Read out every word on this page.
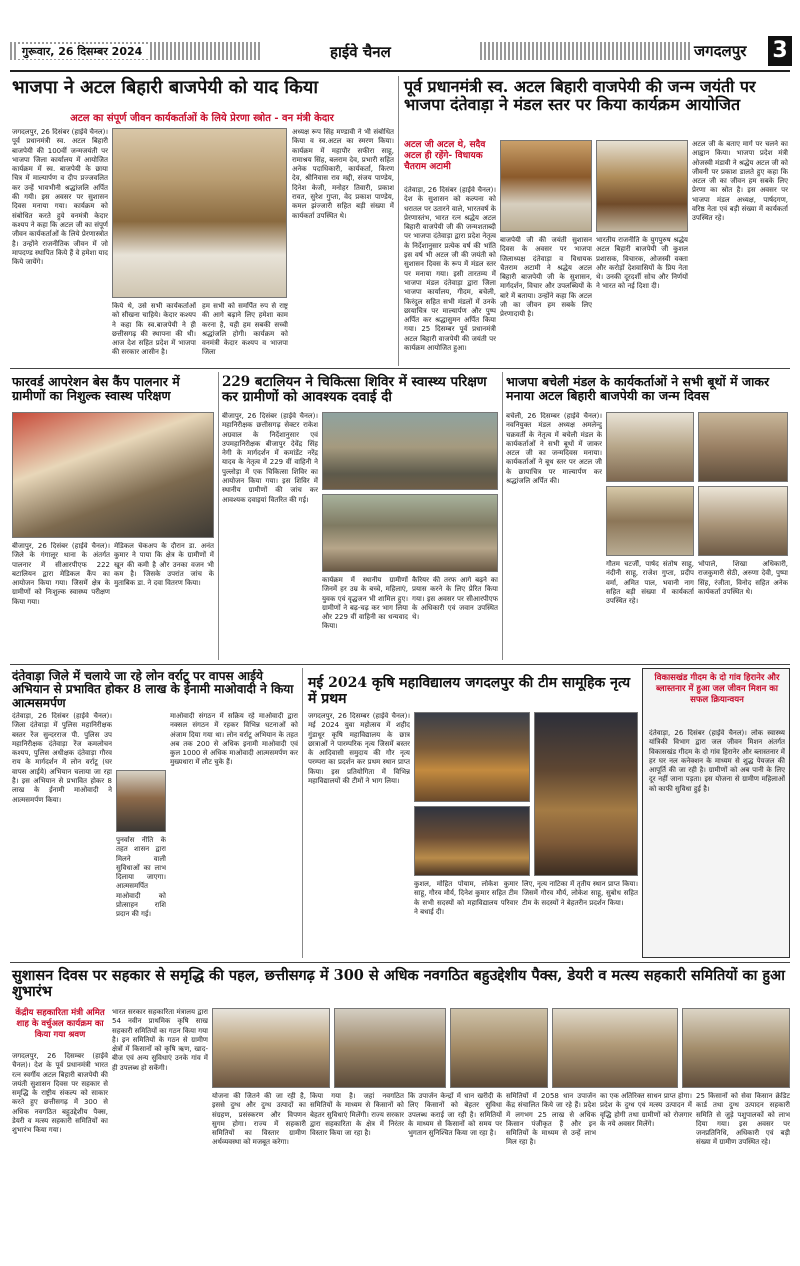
गुरूवार, 26 दिसम्बर 2024	हाईवे चैनल	जगदलपुर 3
भाजपा ने अटल बिहारी बाजपेयी को याद किया
अटल का संपूर्ण जीवन कार्यकर्ताओं के लिये प्रेरणा स्त्रोत - वन मंत्री केदार
जगदलपुर, 26 दिसंबर (हाईवे चैनल)। पूर्व प्रधानमंत्री स्व. अटल बिहारी बाजपेयी की 100वीं जन्मजयंती पर भाजपा जिला कार्यालय में आयोजित कार्यक्रम में स्व. बाजपेयी के छाया चित्र में माल्यार्पण व दीप प्रज्जवलित कर उन्हें भावभीनी श्रद्धांजलि अर्पित की गयी। इस अवसर पर सुशासन दिवस मनाया गया। कार्यक्रम को संबोधित करते हुये वनमंत्री केदार कश्यप ने कहा कि अटल जी का संपूर्ण जीवन कार्यकर्ताओं के लिये प्रेरणास्त्रोत है। उन्होंने राजनीतिक जीवन में जो मापदण्ड स्थापित किये हैं वे हमेशा याद किये जायेंगे।
किये थे, उसे सभी कार्यकर्ताओं को सीखना चाहिये। केदार कश्यप ने कहा कि स्व.बाजपेयी ने ही छत्तीसगढ़ की स्थापना की थी। आज देश सहित प्रदेश में भाजपा की सरकार आसीन है।
हम सभी को समर्पित रुप से राष्ट्र की आगे बढ़ाने लिए हमेशा काम करना है, यही हम सबकी सच्ची श्रद्धांजलि होगी। कार्यक्रम को वनमंत्री केदार कश्यप व भाजपा जिला
अध्यक्ष रूप सिंह मण्डावी ने भी संबोधित किया व स्व.अटल का स्मरण किया। कार्यक्रम में महापौर सफीरा साहू, रामाश्रय सिंह, बलराम देव, प्रभारी सहित अनेक पदाधिकारी, कार्यकर्ता, किरण देव, श्रीनिवास राव मद्दी, संजय पाण्डेय, दिनेश केजी, मनोहर तिवारी, प्रकाश रावत, सुरेश गुप्ता, वेद प्रकाश पाण्डेय, कमल झंज्जारी सहित बड़ी संख्या में कार्यकर्ता उपस्थित थे।
पूर्व प्रधानमंत्री स्व. अटल बिहारी वाजपेयी की जन्म जयंती पर भाजपा दंतेवाड़ा ने मंडल स्तर पर किया कार्यक्रम आयोजित
अटल जी अटल थे, सदैव अटल ही रहेंगे- विधायक चैतराम अटामी
दंतेवाड़ा, 26 दिसंबर (हाईवे चैनल)। देश के सुशासन को कल्पना को धरातल पर उतारने वाले, भारतवर्ष के प्रेरणास्तंभ, भारत रत्न श्रद्धेय अटल बिहारी वाजपेयी जी की जन्मशताब्दी पर भाजपा दंतेवाड़ा द्वारा प्रदेश नेतृत्व के निर्देशानुसार प्रत्येक वर्ष की भांति इस वर्ष भी अटल जी की जयंती को सुशासन दिवस के रूप में मंडल स्तर पर मनाया गया। इसी तारतम्य में भाजपा मंडल दंतेवाड़ा द्वारा जिला भाजपा कार्यालय, गीदम, बचेली, किरंदुल सहित सभी मंडलों में उनके छायाचित्र पर माल्यार्पण और पुष्प अर्पित कर श्रद्धासुमन अर्पित किया गया। 25 दिसम्बर पूर्व प्रधानमंत्री अटल बिहारी वाजपेयी की जयंती पर कार्यक्रम आयोजित हुआ।
बाजपेयी जी की जयंती सुशासन दिवस के अवसर पर भाजपा जिलाध्यक्ष दंतेवाड़ा व विधायक चैतराम अटामी ने श्रद्धेय अटल बिहारी बाजपेयी जी के सुशासन, मार्गदर्शन, विचार और उपलब्धियों के बारे में बताया। उन्होंने कहा कि अटल जी का जीवन हम सबके लिए प्रेरणादायी है।
भारतीय राजनीति के युगपुरुष श्रद्धेय अटल बिहारी बाजपेयी जी कुशल प्रशासक, विचारक, ओजस्वी वक्ता और करोड़ों देशवासियों के प्रिय नेता थे। उनकी दूरदर्शी सोच और निर्णयों ने भारत को नई दिशा दी।
अटल जी के बताए मार्ग पर चलने का आह्वान किया। भाजपा प्रदेश मंत्री ओजस्वी मंडावी ने श्रद्धेय अटल जी को जीवनी पर प्रकाश डालते हुए कहा कि अटल जी का जीवन हम सबके लिए प्रेरणा का स्रोत है। इस अवसर पर भाजपा मंडल अध्यक्ष, पार्षदगण, वरिष्ठ नेता एवं बड़ी संख्या में कार्यकर्ता उपस्थित रहे।
फारवर्ड आपरेशन बेस कैंप पालनार में ग्रामीणों का निशुल्क स्वास्थ परिक्षण
बीजापुर, 26 दिसंबर (हाईवे चैनल)। जिले के गंगालूर थाना के अंतर्गत पालनार में सीआरपीएफ 222 बटालियन द्वारा मेडिकल कैंप का आयोजन किया गया। जिसमें क्षेत्र के ग्रामीणों को निःशुल्क स्वास्थ्य परीक्षण किया गया।
मेडिकल चेकअप के दौरान डा. अनंत कुमार ने पाया कि क्षेत्र के ग्रामीणों में खून की कमी है और उनका वजन भी कम है। जिसके उपरांत जांच के मुताबिक डा. ने दवा वितरण किया।
229 बटालियन ने चिकित्सा शिविर में स्वास्थ्य परिक्षण कर ग्रामीणों को आवश्यक दवाई दी
बीजापुर, 26 दिसंबर (हाईवे चैनल)। महानिरीक्षक छत्तीसगढ़ सेक्टर राकेश अग्रवाल के निर्देशानुसार एवं उपमहानिरीक्षक बीजापुर देवेंद्र सिंह नेगी के मार्गदर्शन में कमांडेंट नरेंद्र यादव के नेतृत्व में 229 वीं वाहिनी ने पुल्लोड़ा में एक चिकित्सा शिविर का आयोजन किया गया। इस शिविर में स्थानीय ग्रामीणों की जांच कर आवश्यक दवाइयां वितरित की गई।
कार्यक्रम में स्थानीय ग्रामीणों जिनमें हर उम्र के बच्चे, महिलाएं, युवक एवं वृद्धजन भी शामिल हुए। ग्रामीणों ने बढ़-चढ़ कर भाग लिया और 229 वीं वाहिनी का धन्यवाद किया।
कैरियर की तरफ आगे बढ़ने का प्रयास करने के लिए प्रेरित किया गया। इस अवसर पर सीआरपीएफ के अधिकारी एवं जवान उपस्थित थे।
भाजपा बचेली मंडल के कार्यकर्ताओं ने सभी बूथों में जाकर मनाया अटल बिहारी बाजपेयी का जन्म दिवस
बचेली, 26 दिसम्बर (हाईवे चैनल)। नवनियुक्त मंडल अध्यक्ष अमलेन्दु चक्रवर्ती के नेतृत्व में बचेली मंडल के कार्यकर्ताओं ने सभी बूथों में जाकर अटल जी का जन्मदिवस मनाया। कार्यकर्ताओं ने बूथ स्तर पर अटल जी के छायाचित्र पर माल्यार्पण कर श्रद्धांजलि अर्पित की।
गौतम चटर्जी, पार्षद संतोष साहू, नंदीनी साहू, राजेश गुप्ता, प्रदीप वर्मा, अमित पाल, भवानी नाग सहित बड़ी संख्या में कार्यकर्ता उपस्थित रहे।
भोपाले, शिखा अधिकारी, राजकुमारी सेठी, अरुणा देवी, पुष्पा सिंह, रंजीता, विनोद सहित अनेक कार्यकर्ता उपस्थित थे।
दंतेवाड़ा जिले में चलाये जा रहे लोन वर्राटू पर वापस आईये अभियान से प्रभावित होकर 8 लाख के ईनामी माओवादी ने किया आत्मसमर्पण
दंतेवाड़ा, 26 दिसंबर (हाईवे चैनल)। जिला दंतेवाड़ा में पुलिस महानिरीक्षक बस्तर रेंज सुन्दरराज पी. पुलिस उप महानिरीक्षक दंतेवाड़ा रेंज कमलोचन कश्यप, पुलिस अधीक्षक दंतेवाड़ा गौरव राय के मार्गदर्शन में लोन वर्राटू (घर वापस आईये) अभियान चलाया जा रहा है। इस अभियान से प्रभावित होकर 8 लाख के ईनामी माओवादी ने आत्मसमर्पण किया।
माओवादी संगठन में सक्रिय रहे माओवादी द्वारा नक्सल संगठन में रहकर विभिन्न घटनाओं को अंजाम दिया गया था। लोन वर्राटू अभियान के तहत अब तक 200 से अधिक इनामी माओवादी एवं कुल 1000 से अधिक माओवादी आत्मसमर्पण कर मुख्यधारा में लौट चुके हैं।
पुनर्वास नीति के तहत शासन द्वारा मिलने वाली सुविधाओं का लाभ दिलाया जाएगा। आत्मसमर्पित माओवादी को प्रोत्साहन राशि प्रदान की गई।
मई 2024 कृषि महाविद्यालय जगदलपुर की टीम सामूहिक नृत्य में प्रथम
जगदलपुर, 26 दिसम्बर (हाईवे चैनल)। मई 2024 युवा महोत्सव में शहीद गुंडाधूर कृषि महाविद्यालय के छात्र छात्राओं ने पारम्परिक नृत्य जिसमें बस्तर के आदिवासी समुदाय की गौर नृत्य परम्परा का प्रदर्शन कर प्रथम स्थान प्राप्त किया। इस प्रतियोगिता में विभिन्न महाविद्यालयों की टीमों ने भाग लिया।
कुशल, मोहित पोयाम, लोकेश कुमार साहू, गौरव मौर्य, दिनेश कुमार सहित टीम के सभी सदस्यों को महाविद्यालय परिवार ने बधाई दी।
लिए, नृत्य नाटिका में तृतीय स्थान प्राप्त किया। जिसमें गौरव मौर्य, लोकेश साहू, सुबोध सहित टीम के सदस्यों ने बेहतरीन प्रदर्शन किया।
विकासखंड गीदम के दो गांव हिरानेर और ब्लास्तनार में हुआ जल जीवन मिशन का सफल क्रियान्वयन
दंतेवाड़ा, 26 दिसंबर (हाईवे चैनल)। लोक स्वास्थ्य यांत्रिकी विभाग द्वारा जल जीवन मिशन अंतर्गत विकासखंड गीदम के दो गांव हिरानेर और ब्लास्तनार में हर घर नल कनेक्शन के माध्यम से शुद्ध पेयजल की आपूर्ति की जा रही है। ग्रामीणों को अब पानी के लिए दूर नहीं जाना पड़ता। इस योजना से ग्रामीण महिलाओं को काफी सुविधा हुई है।
सुशासन दिवस पर सहकार से समृद्धि की पहल, छत्तीसगढ़ में 300 से अधिक नवगठित बहुउद्देशीय पैक्स, डेयरी व मत्स्य सहकारी समितियों का हुआ शुभारंभ
केंद्रीय सहकारिता मंत्री अमित शाह के वर्चुअल कार्यक्रम का किया गया श्रवण
जगदलपुर, 26 दिसम्बर (हाईवे चैनल)। देश के पूर्व प्रधानमंत्री भारत रत्न स्वर्गीय अटल बिहारी बाजपेयी की जयंती सुशासन दिवस पर सहकार से समृद्धि के राष्ट्रीय संकल्प को साकार करते हुए छत्तीसगढ़ में 300 से अधिक नवगठित बहुउद्देशीय पैक्स, डेयरी व मत्स्य सहकारी समितियों का शुभारंभ किया गया।
भारत सरकार सहकारिता मंत्रालय द्वारा 54 नवीन प्राथमिक कृषि साख सहकारी समितियों का गठन किया गया है। इन समितियों के गठन से ग्रामीण क्षेत्रों में किसानों को कृषि ऋण, खाद-बीज एवं अन्य सुविधाएं उनके गांव में ही उपलब्ध हो सकेंगी।
योजना की जितने की जा रही है, इससे दुग्ध और दुग्ध उत्पादों का संग्रहण, प्रसंस्करण और विपणन सुगम होगा। राज्य में सहकारी समितियों का विस्तार ग्रामीण अर्थव्यवस्था को मजबूत करेगा।
किया गया है। जहां नवगठित समितियों के माध्यम से किसानों को बेहतर सुविधाएं मिलेंगी। राज्य सरकार द्वारा सहकारिता के क्षेत्र में निरंतर विस्तार किया जा रहा है।
कि उपार्जन केन्द्रों में धान खरीदी के लिए किसानों को बेहतर सुविधा उपलब्ध कराई जा रही है। समितियों के माध्यम से किसानों को समय पर भुगतान सुनिश्चित किया जा रहा है।
समितियों में 2058 धान उपार्जन केंद्र संचालित किये जा रहे हैं। प्रदेश में लगभग 25 लाख से अधिक किसान पंजीकृत हैं और इन समितियों के माध्यम से उन्हें लाभ मिल रहा है।
का एक अतिरिक्त साधन प्राप्त होगा। प्रदेश के दुग्ध एवं मत्स्य उत्पादन में वृद्धि होगी तथा ग्रामीणों को रोजगार के नये अवसर मिलेंगे।
25 किसानों को सेवा किसान क्रेडिट कार्ड तथा दुग्ध उत्पादन सहकारी समिति से जुड़े पशुपालकों को लाभ दिया गया। इस अवसर पर जनप्रतिनिधि, अधिकारी एवं बड़ी संख्या में ग्रामीण उपस्थित रहे।
